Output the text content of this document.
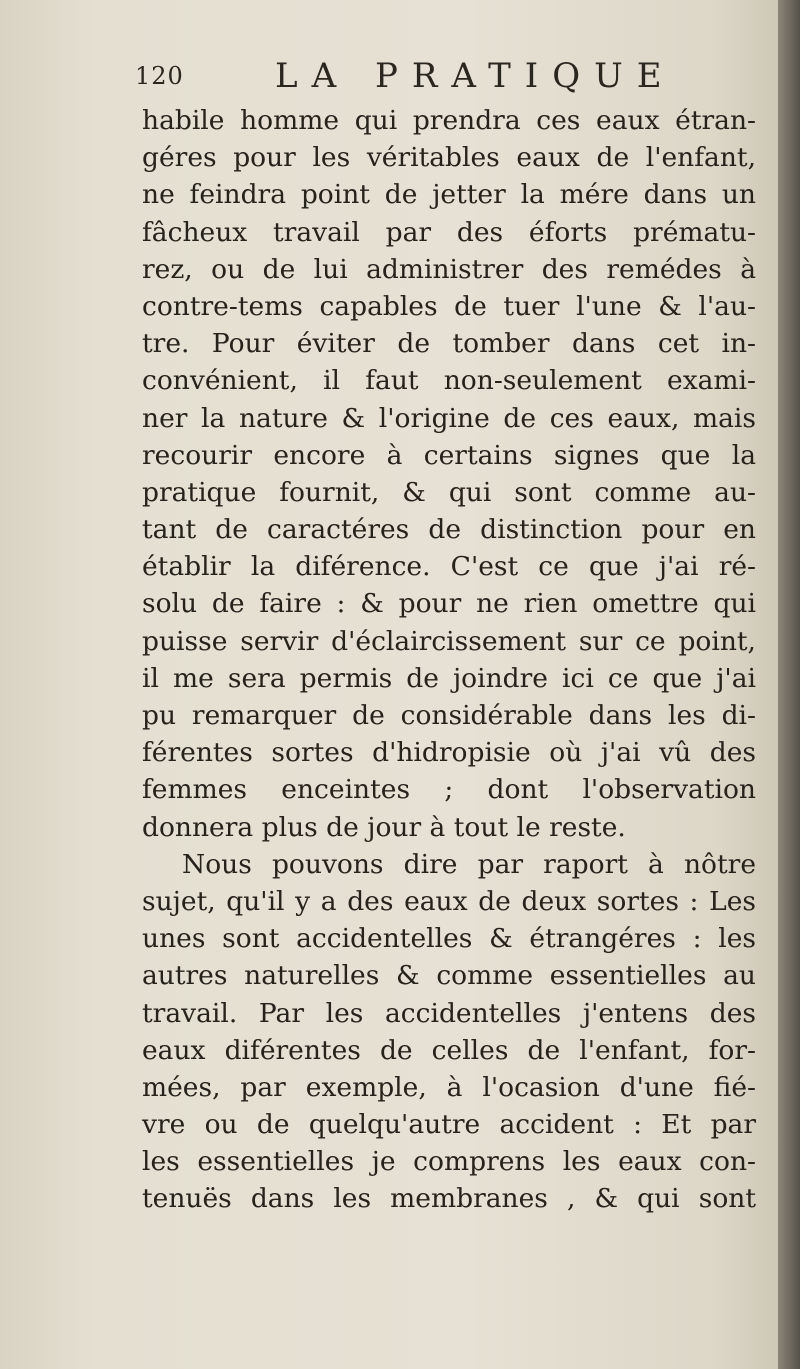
120	LA PRATIQUE
habile homme qui prendra ces eaux étran-
géres pour les véritables eaux de l'enfant,
ne feindra point de jetter la mére dans un
fâcheux travail par des éforts prématu-
rez, ou de lui administrer des remédes à
contre-tems capables de tuer l'une & l'au-
tre. Pour éviter de tomber dans cet in-
convénient, il faut non-seulement exami-
ner la nature & l'origine de ces eaux, mais
recourir encore à certains signes que la
pratique fournit, & qui sont comme au-
tant de caractéres de distinction pour en
établir la diférence. C'est ce que j'ai ré-
solu de faire : & pour ne rien omettre qui
puisse servir d'éclaircissement sur ce point,
il me sera permis de joindre ici ce que j'ai
pu remarquer de considérable dans les di-
férentes sortes d'hidropisie où j'ai vû des
femmes enceintes ; dont l'observation
donnera plus de jour à tout le reste.
Nous pouvons dire par raport à nôtre
sujet, qu'il y a des eaux de deux sortes : Les
unes sont accidentelles & étrangéres : les
autres naturelles & comme essentielles au
travail. Par les accidentelles j'entens des
eaux diférentes de celles de l'enfant, for-
mées, par exemple, à l'ocasion d'une fié-
vre ou de quelqu'autre accident : Et par
les essentielles je comprens les eaux con-
tenuës dans les membranes , & qui sont
